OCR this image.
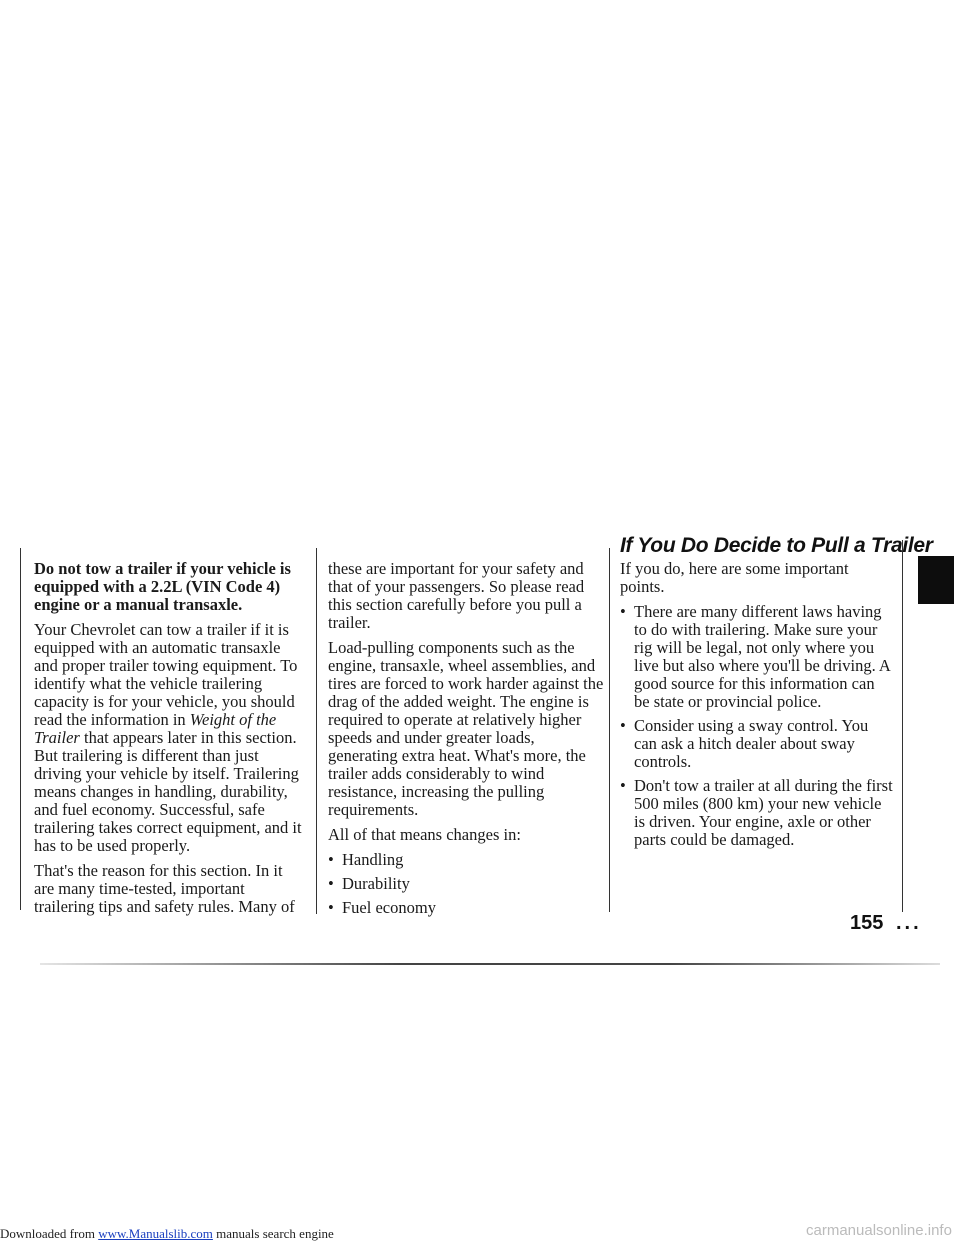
Do not tow a trailer if your vehicle is equipped with a 2.2L (VIN Code 4) engine or a manual transaxle.

Your Chevrolet can tow a trailer if it is equipped with an automatic transaxle and proper trailer towing equipment. To identify what the vehicle trailering capacity is for your vehicle, you should read the information in Weight of the Trailer that appears later in this section. But trailering is different than just driving your vehicle by itself. Trailering means changes in handling, durability, and fuel economy. Successful, safe trailering takes correct equipment, and it has to be used properly.

That's the reason for this section. In it are many time-tested, important trailering tips and safety rules. Many of

these are important for your safety and that of your passengers. So please read this section carefully before you pull a trailer.

Load-pulling components such as the engine, transaxle, wheel assemblies, and tires are forced to work harder against the drag of the added weight. The engine is required to operate at relatively higher speeds and under greater loads, generating extra heat. What's more, the trailer adds considerably to wind resistance, increasing the pulling requirements.

All of that means changes in:

• Handling
• Durability
• Fuel economy
If You Do Decide to Pull a Trailer

If you do, here are some important points.

• There are many different laws having to do with trailering. Make sure your rig will be legal, not only where you live but also where you'll be driving. A good source for this information can be state or provincial police.
• Consider using a sway control. You can ask a hitch dealer about sway controls.
• Don't tow a trailer at all during the first 500 miles (800 km) your new vehicle is driven. Your engine, axle or other parts could be damaged.
155 ...
Downloaded from www.Manualslib.com manuals search engine	carmanualsonline.info
